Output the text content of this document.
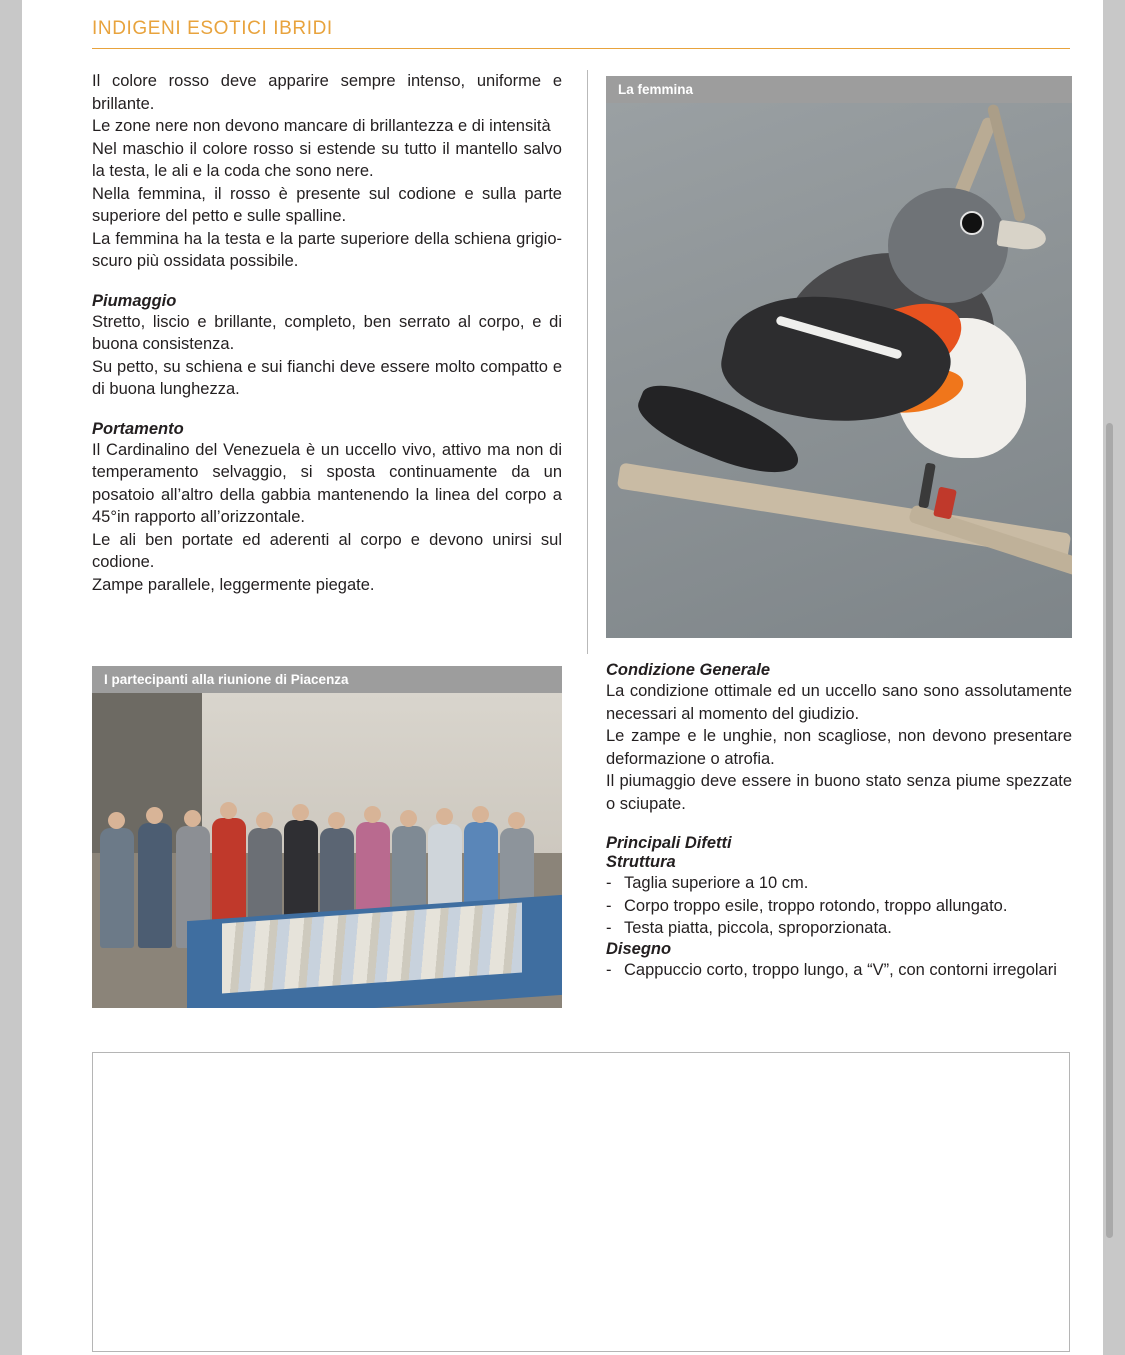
INDIGENI ESOTICI IBRIDI

Il colore rosso deve apparire sempre intenso, uniforme e brillante.

Le zone nere non devono mancare di brillantezza e di intensità

Nel maschio il colore rosso si estende su tutto il mantello salvo la testa, le ali e la coda che sono nere.

Nella femmina, il rosso è presente sul codione e sulla parte superiore del petto e sulle spalline.

La femmina ha la testa e la parte superiore della schiena grigio-scuro più ossidata possibile.

Piumaggio

Stretto, liscio e brillante, completo, ben serrato al corpo, e di buona consistenza.

Su petto, su schiena e sui fianchi deve essere molto compatto e di buona lunghezza.

Portamento

Il Cardinalino del Venezuela è un uccello vivo, attivo ma non di temperamento selvaggio, si sposta continuamente da un posatoio all’altro della gabbia mantenendo la linea del corpo a 45°in rapporto all’orizzontale.

Le ali ben portate ed aderenti al corpo e devono unirsi sul codione.

Zampe parallele, leggermente piegate.

La femmina
I partecipanti alla riunione di Piacenza
Condizione Generale

La condizione ottimale ed un uccello sano sono assolutamente necessari al momento del giudizio.

Le zampe e le unghie, non scagliose, non devono presentare deformazione o atrofia.

Il piumaggio deve essere in buono stato senza piume spezzate o sciupate.

Principali Difetti
Struttura
- Taglia superiore a 10 cm.
- Corpo troppo esile, troppo rotondo, troppo allungato.
- Testa piatta, piccola, sproporzionata.
Disegno
- Cappuccio corto, troppo lungo, a “V”, con contorni irregolari
